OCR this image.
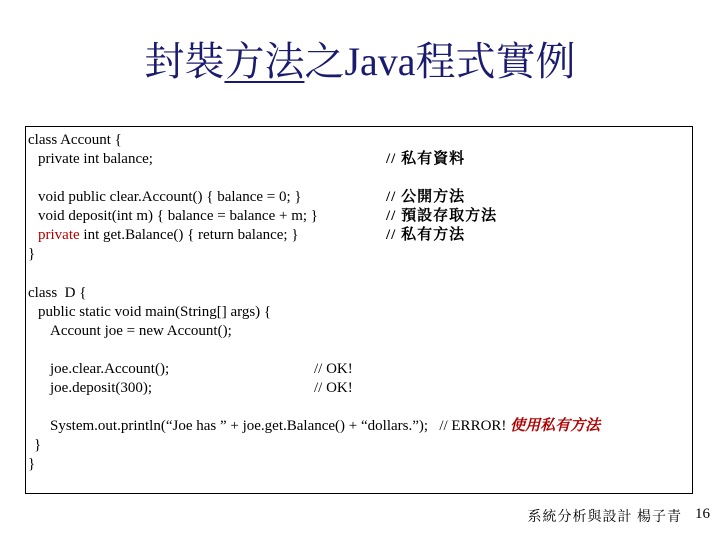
封裝方法之Java程式實例
class Account {
private int balance;	// 私有資料
void public clear.Account() { balance = 0; }	// 公開方法
void deposit(int m) { balance = balance + m; }	// 預設存取方法
private int get.Balance() { return balance; }	// 私有方法
}
class  D {
public static void main(String[] args) {
Account joe = new Account();
joe.clear.Account();	// OK!
joe.deposit(300);	// OK!
System.out.println(“Joe has ” + joe.get.Balance() + “dollars.”); // ERROR! 使用私有方法
}
}
系統分析與設計 楊子青 16
